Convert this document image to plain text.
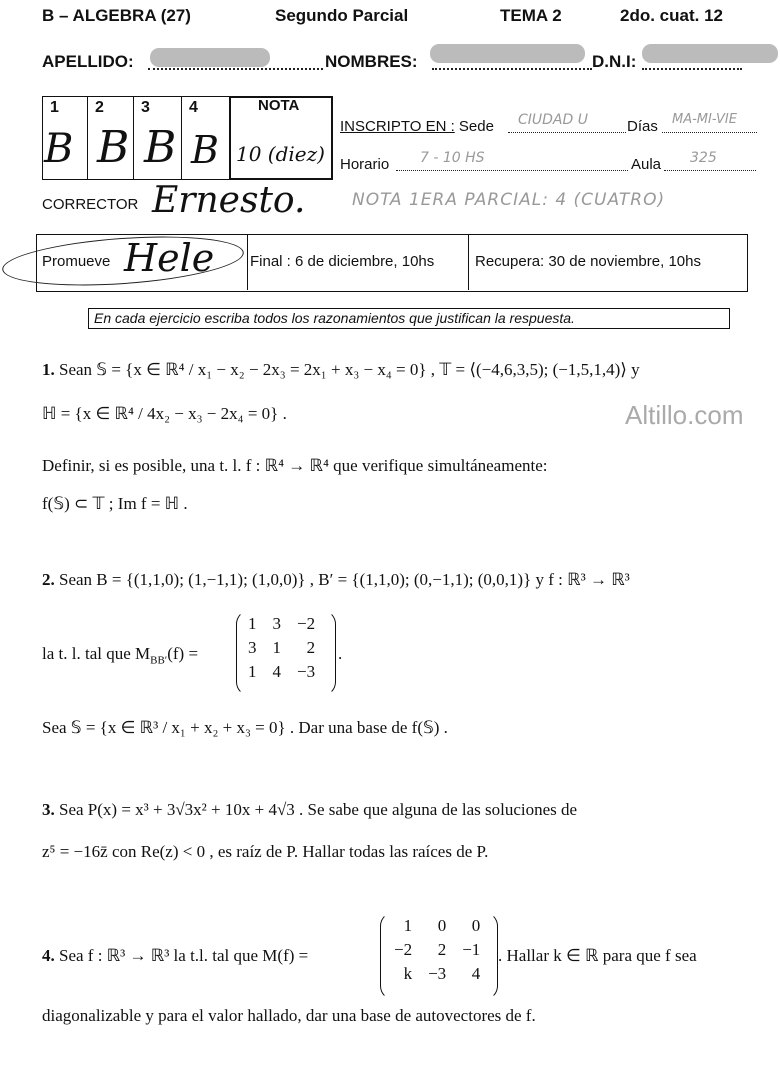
B – ALGEBRA (27)	Segundo Parcial	TEMA 2	2do. cuat. 12
APELLIDO:	NOMBRES:	D.N.I:
1 2 3 4	NOTA
B B B B 10 (diez)
INSCRIPTO EN : Sede CIUDAD U	Días MA-MI-VIE
Horario 7 - 10 HS	Aula 325
CORRECTOR Ernesto.	NOTA 1ERA PARCIAL: 4 (CUATRO)
Promueve Hele Final : 6 de diciembre, 10hs	Recupera: 30 de noviembre, 10hs
En cada ejercicio escriba todos los razonamientos que justifican la respuesta.
Altillo.com
1. Sean 𝕊 = {x ∈ ℝ⁴ / x₁ − x₂ − 2x₃ = 2x₁ + x₃ − x₄ = 0} , 𝕋 = ⟨(−4,6,3,5); (−1,5,1,4)⟩ y
ℍ = {x ∈ ℝ⁴ / 4x₂ − x₃ − 2x₄ = 0} .
Definir, si es posible, una t. l. f : ℝ⁴ → ℝ⁴ que verifique simultáneamente:
f(𝕊) ⊂ 𝕋 ; Im f = ℍ .
2. Sean B = {(1,1,0); (1,−1,1); (1,0,0)} , B′ = {(1,1,0); (0,−1,1); (0,0,1)} y f : ℝ³ → ℝ³
la t. l. tal que $M_{BB'}(f)$ =
1	3	−2
3	1	2
1	4	−3
.
Sea 𝕊 = {x ∈ ℝ³ / x₁ + x₂ + x₃ = 0} . Dar una base de f(𝕊) .
3. Sea P(x) = x³ + 3√3x² + 10x + 4√3 . Se sabe que alguna de las soluciones de
z⁵ = −16z̄ con Re(z) < 0 , es raíz de P. Hallar todas las raíces de P.
4. Sea f : ℝ³ → ℝ³ la t.l. tal que M(f) =
1	0	0
−2	2	−1
k	−3	4
. Hallar k ∈ ℝ para que f sea
diagonalizable y para el valor hallado, dar una base de autovectores de f.
